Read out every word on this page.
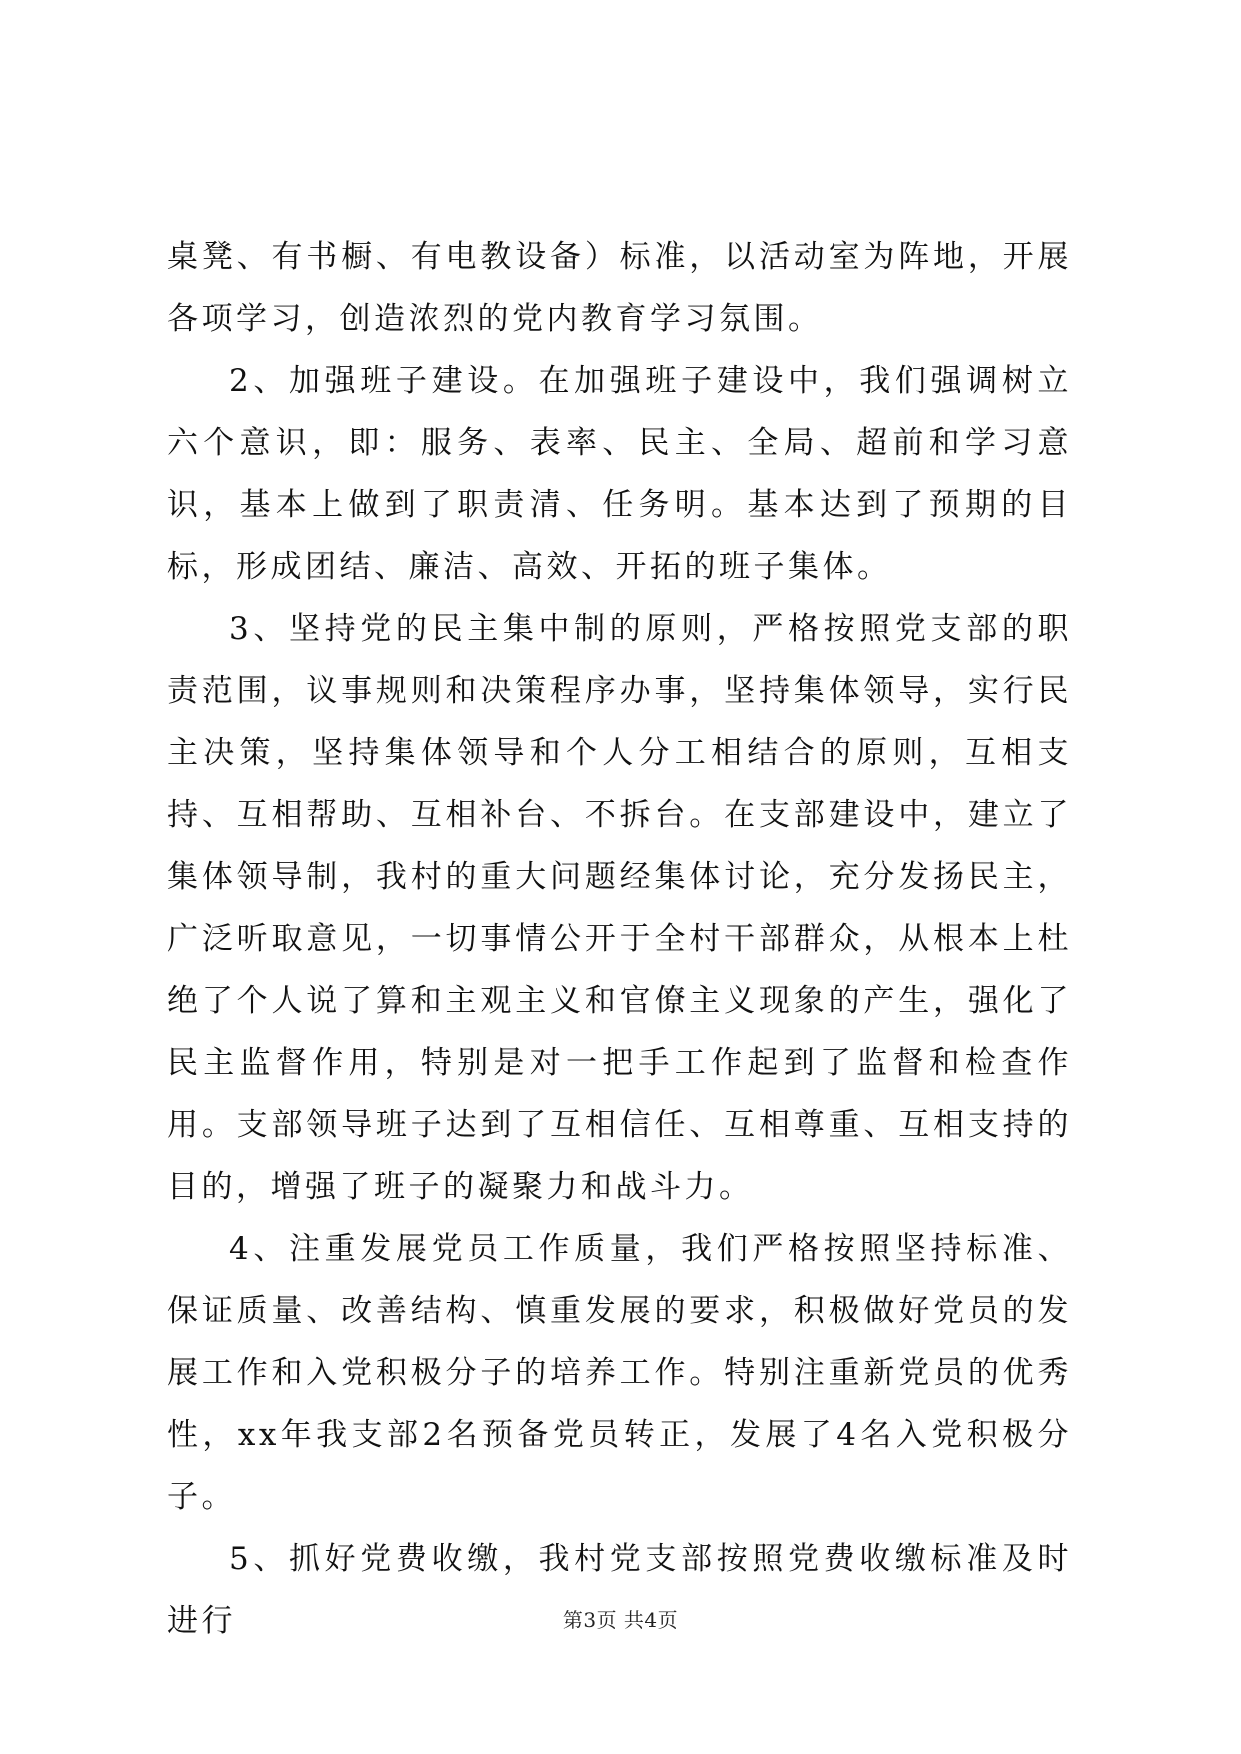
桌凳、有书橱、有电教设备）标准，以活动室为阵地，开展各项学习，创造浓烈的党内教育学习氛围。

2、加强班子建设。在加强班子建设中，我们强调树立六个意识，即：服务、表率、民主、全局、超前和学习意识，基本上做到了职责清、任务明。基本达到了预期的目标，形成团结、廉洁、高效、开拓的班子集体。

3、坚持党的民主集中制的原则，严格按照党支部的职责范围，议事规则和决策程序办事，坚持集体领导，实行民主决策，坚持集体领导和个人分工相结合的原则，互相支持、互相帮助、互相补台、不拆台。在支部建设中，建立了集体领导制，我村的重大问题经集体讨论，充分发扬民主，广泛听取意见，一切事情公开于全村干部群众，从根本上杜绝了个人说了算和主观主义和官僚主义现象的产生，强化了民主监督作用，特别是对一把手工作起到了监督和检查作用。支部领导班子达到了互相信任、互相尊重、互相支持的目的，增强了班子的凝聚力和战斗力。

4、注重发展党员工作质量，我们严格按照坚持标准、保证质量、改善结构、慎重发展的要求，积极做好党员的发展工作和入党积极分子的培养工作。特别注重新党员的优秀性，xx年我支部2名预备党员转正，发展了4名入党积极分子。

5、抓好党费收缴，我村党支部按照党费收缴标准及时进行	第3页 共4页
